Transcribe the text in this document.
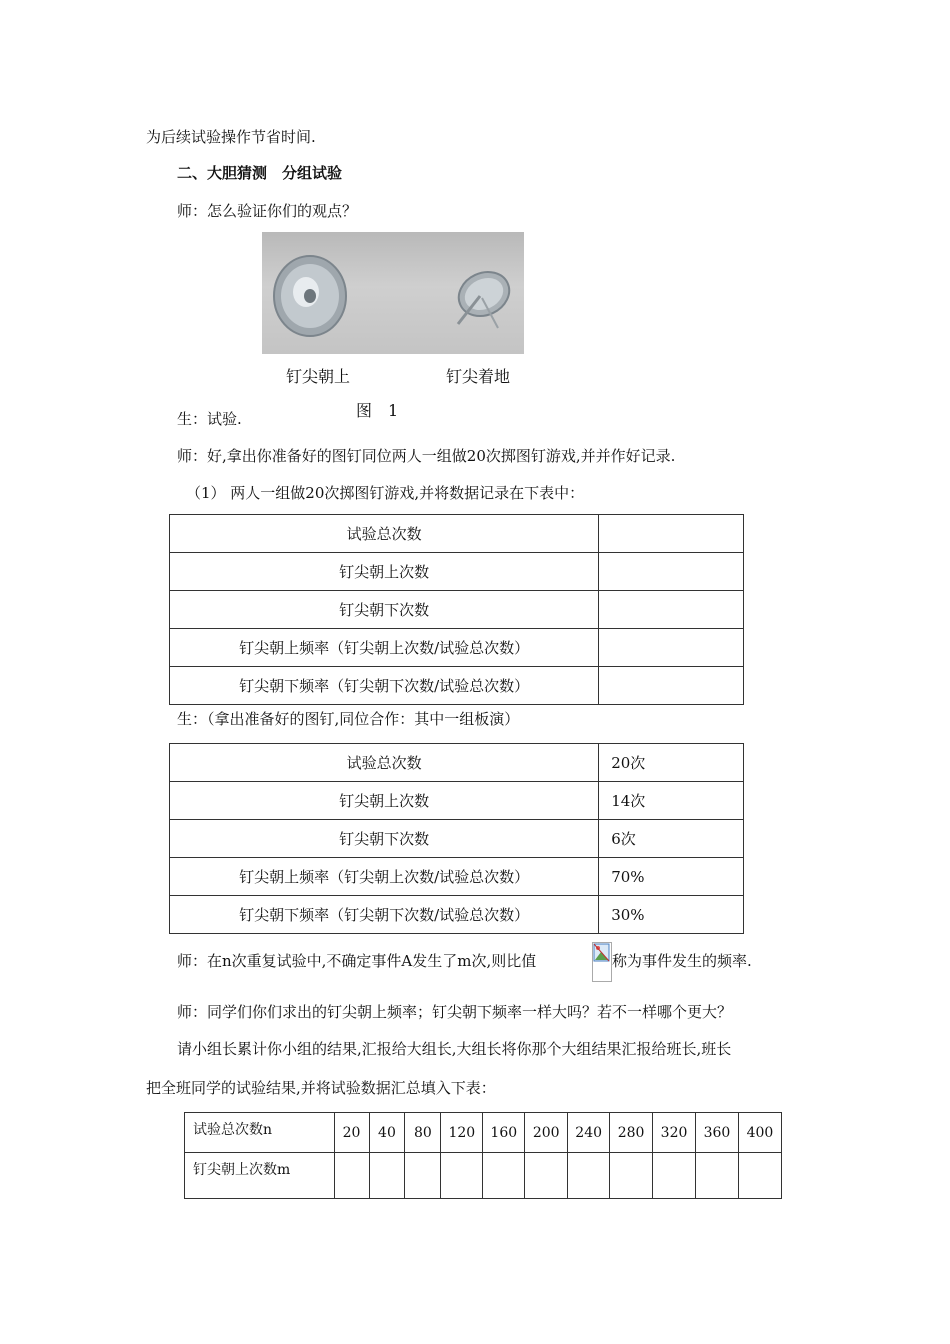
为后续试验操作节省时间.
二、大胆猜测　分组试验
师：怎么验证你们的观点？
钉尖朝上	钉尖着地
图　1
生：试验.
师：好,拿出你准备好的图钉同位两人一组做20次掷图钉游戏,并并作好记录.
（1） 两人一组做20次掷图钉游戏,并将数据记录在下表中：
试验总次数	
钉尖朝上次数	
钉尖朝下次数	
钉尖朝上频率（钉尖朝上次数/试验总次数）	
钉尖朝下频率（钉尖朝下次数/试验总次数）	
生：（拿出准备好的图钉,同位合作：其中一组板演）
试验总次数	20次
钉尖朝上次数	14次
钉尖朝下次数	6次
钉尖朝上频率（钉尖朝上次数/试验总次数）	70%
钉尖朝下频率（钉尖朝下次数/试验总次数）	30%
师：在n次重复试验中,不确定事件A发生了m次,则比值	称为事件发生的频率.
师：同学们你们求出的钉尖朝上频率；钉尖朝下频率一样大吗？若不一样哪个更大？
请小组长累计你小组的结果,汇报给大组长,大组长将你那个大组结果汇报给班长,班长
把全班同学的试验结果,并将试验数据汇总填入下表：
试验总次数n	20	40	80	120	160	200	240	280	320	360	400
钉尖朝上次数m											
